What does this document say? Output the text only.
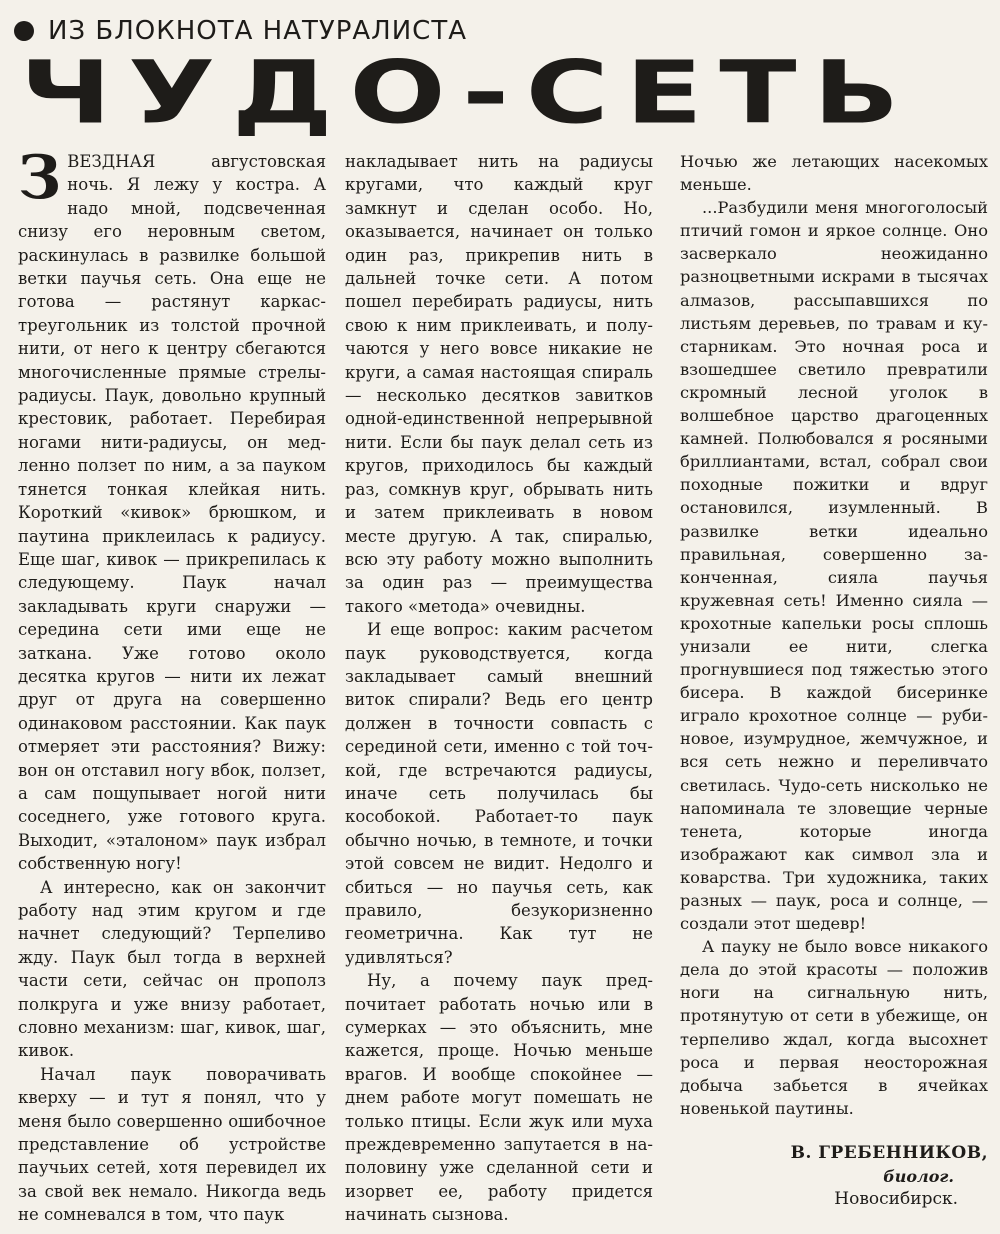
ИЗ БЛОКНОТА НАТУРАЛИСТА
ЧУДО-СЕТЬ

ЗВЕЗДНАЯ августовская ночь. Я лежу у костра. А надо мной, подсвеченная снизу его неровным светом, раскинулась в развилке большой ветки паучья сеть. Она еще не готова — растянут каркас-треугольник из толстой прочной нити, от него к центру сбегаются многочисленные прямые стрелы-радиусы. Паук, довольно крупный крестовик, работает. Перебирая ногами нити-радиусы, он медленно ползет по ним, а за пауком тянется тонкая клейкая нить. Короткий «кивок» брюшком, и паутина приклеилась к радиусу. Еще шаг, кивок — прикрепилась к следующему. Паук начал закладывать круги снаружи — середина сети ими еще не заткана. Уже готово около десятка кругов — нити их лежат друг от друга на совершенно одинаковом расстоянии. Как паук отмеряет эти расстояния? Вижу: вон он отставил ногу вбок, ползет, а сам пощупывает ногой нити соседнего, уже готового круга. Выходит, «эталоном» паук избрал собственную ногу!

А интересно, как он закончит работу над этим кругом и где начнет следующий? Терпеливо жду. Паук был тогда в верхней части сети, сейчас он прополз полкруга и уже внизу работает, словно механизм: шаг, кивок, шаг, кивок.

Начал паук поворачивать кверху — и тут я понял, что у меня было совершенно ошибочное представление об устройстве паучьих сетей, хотя перевидел их за свой век немало. Никогда ведь не сомневался в том, что паук

накладывает нить на радиусы кругами, что каждый круг замкнут и сделан особо. Но, оказывается, начинает он только один раз, прикрепив нить в дальней точке сети. А потом пошел перебирать радиусы, нить свою к ним приклеивать, и получаются у него вовсе никакие не круги, а самая настоящая спираль — несколько десятков завитков одной-единственной непрерывной нити. Если бы паук делал сеть из кругов, приходилось бы каждый раз, сомкнув круг, обрывать нить и затем приклеивать в новом месте другую. А так, спиралью, всю эту работу можно выполнить за один раз — преимущества такого «метода» очевидны.

И еще вопрос: каким расчетом паук руководствуется, когда закладывает самый внешний виток спирали? Ведь его центр должен в точности совпасть с серединой сети, именно с той точкой, где встречаются радиусы, иначе сеть получилась бы кособокой. Работает-то паук обычно ночью, в темноте, и точки этой совсем не видит. Недолго и сбиться — но паучья сеть, как правило, безукоризненно геометрична. Как тут не удивляться?

Ну, а почему паук предпочитает работать ночью или в сумерках — это объяснить, мне кажется, проще. Ночью меньше врагов. И вообще спокойнее — днем работе могут помешать не только птицы. Если жук или муха преждевременно запутается в наполовину уже сделанной сети и изорвет ее, работу придется начинать сызнова.

Ночью же летающих насекомых меньше.

...Разбудили меня многоголосый птичий гомон и яркое солнце. Оно засверкало неожиданно разноцветными искрами в тысячах алмазов, рассыпавшихся по листьям деревьев, по травам и кустарникам. Это ночная роса и взошедшее светило превратили скромный лесной уголок в волшебное царство драгоценных камней. Полюбовался я росяными бриллиантами, встал, собрал свои походные пожитки и вдруг остановился, изумленный. В развилке ветки идеально правильная, совершенно законченная, сияла паучья кружевная сеть! Именно сияла — крохотные капельки росы сплошь унизали ее нити, слегка прогнувшиеся под тяжестью этого бисера. В каждой бисеринке играло крохотное солнце — рубиновое, изумрудное, жемчужное, и вся сеть нежно и переливчато светилась. Чудо-сеть нисколько не напоминала те зловещие черные тенета, которые иногда изображают как символ зла и коварства. Три художника, таких разных — паук, роса и солнце, — создали этот шедевр!

А пауку не было вовсе никакого дела до этой красоты — положив ноги на сигнальную нить, протянутую от сети в убежище, он терпеливо ждал, когда высохнет роса и первая неосторожная добыча забьется в ячейках новенькой паутины.

В. ГРЕБЕННИКОВ,
биолог.
Новосибирск.
